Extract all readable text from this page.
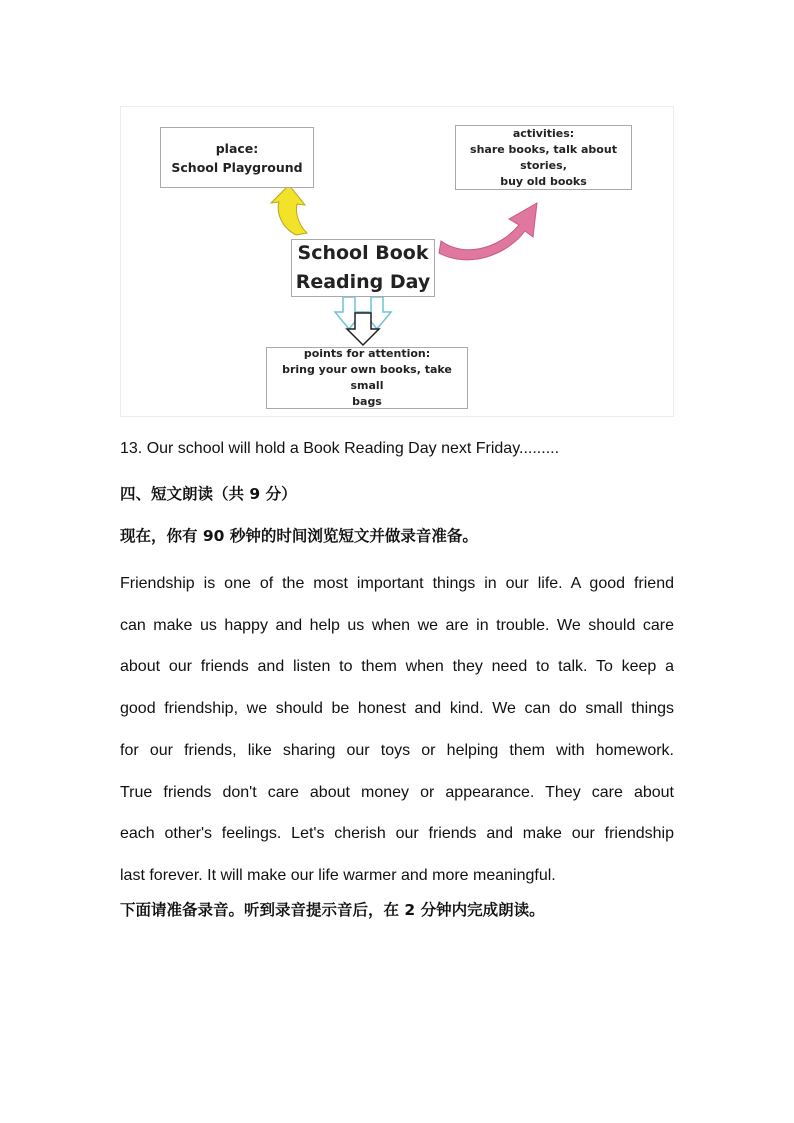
place:
School Playground
activities:
share books, talk about stories,
buy old books
School Book
Reading Day
points for attention:
bring your own books, take small
bags

13. Our school will hold a Book Reading Day next Friday.........

四、短文朗读（共 9 分）

现在，你有 90 秒钟的时间浏览短文并做录音准备。

Friendship is one of the most important things in our life. A good friend
can make us happy and help us when we are in trouble. We should care
about our friends and listen to them when they need to talk. To keep a
good friendship, we should be honest and kind. We can do small things
for our friends, like sharing our toys or helping them with homework.
True friends don't care about money or appearance. They care about
each other's feelings. Let's cherish our friends and make our friendship
last forever. It will make our life warmer and more meaningful.

下面请准备录音。听到录音提示音后，在 2 分钟内完成朗读。
